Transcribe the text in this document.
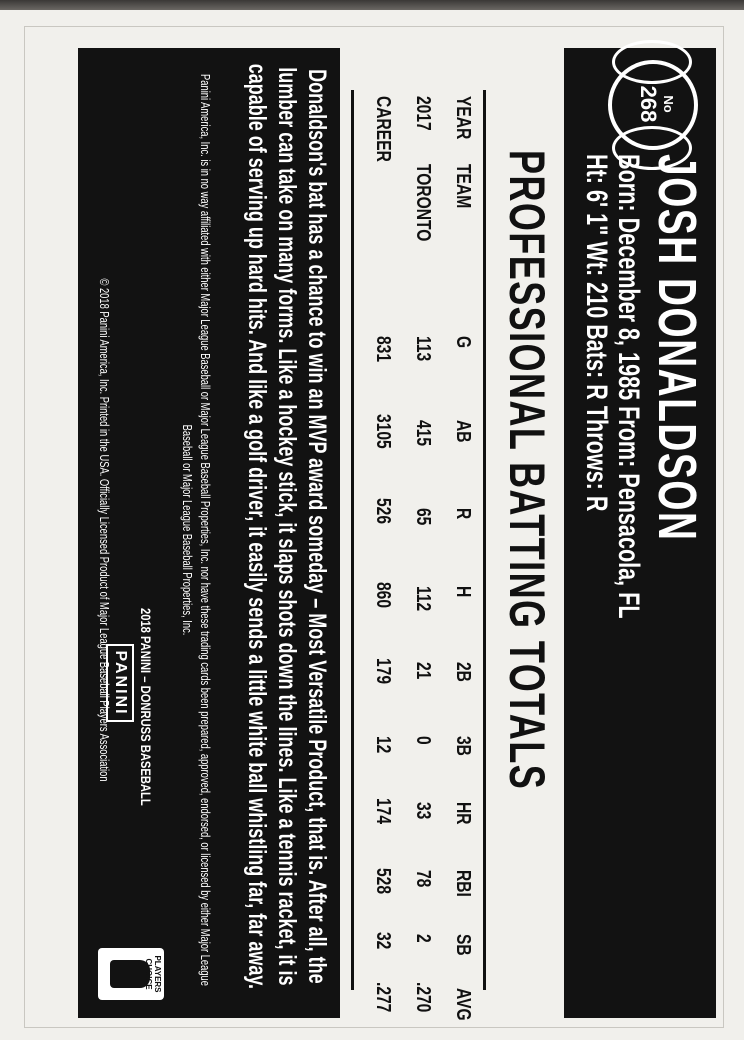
No
268
JOSH DONALDSON
Born: December 8, 1985 From: Pensacola, FL
Ht: 6' 1" Wt: 210 Bats: R Throws: R
PROFESSIONAL BATTING TOTALS
YEAR
TEAM
G
AB
R
H
2B
3B
HR
RBI
SB
AVG
2017
TORONTO
113
415
65
112
21
0
33
78
2
.270
CAREER
831
3105
526
860
179
12
174
528
32
.277
Donaldson's bat has a chance to win an MVP award someday – Most Versatile Product, that is. After all, the lumber can take on many forms. Like a hockey stick, it slaps shots down the lines. Like a tennis racket, it is capable of serving up hard hits. And like a golf driver, it easily sends a little white ball whistling far, far away.
Panini America, Inc. is in no way affiliated with either Major League Baseball or Major League Baseball Properties, Inc. nor have these trading cards been prepared, approved, endorsed, or licensed by either Major League Baseball or Major League Baseball Properties, Inc.
2018 PANINI – DONRUSS BASEBALL
PANINI
© 2018 Panini America, Inc. Printed in the USA. Officially Licensed Product of Major League Baseball Players Association
PLAYERS CHOICE
